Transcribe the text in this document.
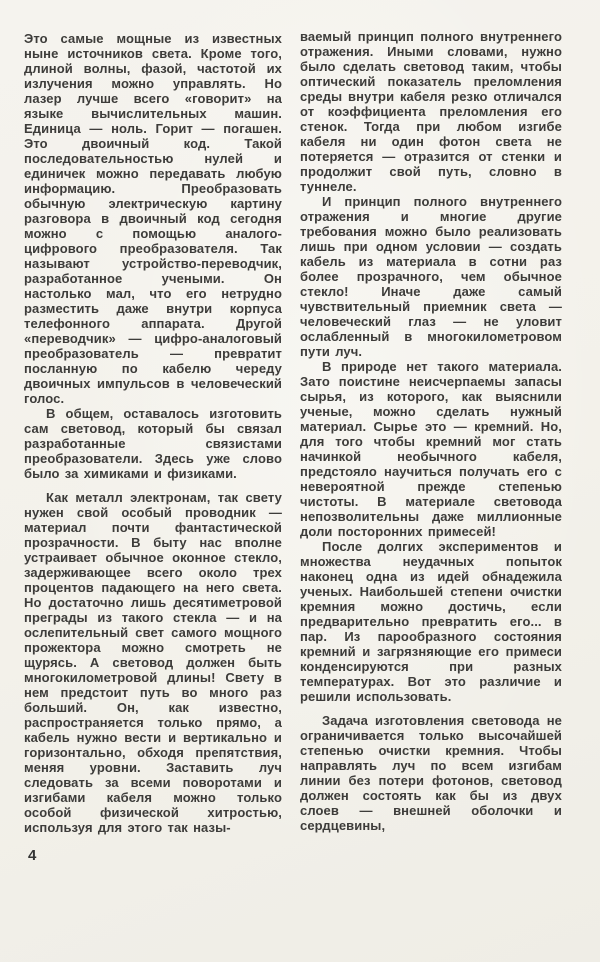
Это самые мощные из известных ныне источников света. Кроме того, длиной волны, фазой, частотой их излучения можно управлять. Но лазер лучше всего «говорит» на языке вычислительных машин. Единица — ноль. Горит — погашен. Это двоичный код. Такой последовательностью нулей и единичек можно передавать любую информацию. Преобразовать обычную электрическую картину разговора в двоичный код сегодня можно с помощью аналого-цифрового преобразователя. Так называют устройство-переводчик, разработанное учеными. Он настолько мал, что его нетрудно разместить даже внутри корпуса телефонного аппарата. Другой «переводчик» — цифро-аналоговый преобразователь — превратит посланную по кабелю череду двоичных импульсов в человеческий голос.

В общем, оставалось изготовить сам световод, который бы связал разработанные связистами преобразователи. Здесь уже слово было за химиками и физиками.

Как металл электронам, так свету нужен свой особый проводник — материал почти фантастической прозрачности. В быту нас вполне устраивает обычное оконное стекло, задерживающее всего около трех процентов падающего на него света. Но достаточно лишь десятиметровой преграды из такого стекла — и на ослепительный свет самого мощного прожектора можно смотреть не щурясь. А световод должен быть многокилометровой длины! Свету в нем предстоит путь во много раз больший. Он, как известно, распространяется только прямо, а кабель нужно вести и вертикально и горизонтально, обходя препятствия, меняя уровни. Заставить луч следовать за всеми поворотами и изгибами кабеля можно только особой физической хитростью, используя для этого так назы-

4

ваемый принцип полного внутреннего отражения. Иными словами, нужно было сделать световод таким, чтобы оптический показатель преломления среды внутри кабеля резко отличался от коэффициента преломления его стенок. Тогда при любом изгибе кабеля ни один фотон света не потеряется — отразится от стенки и продолжит свой путь, словно в туннеле.

И принцип полного внутреннего отражения и многие другие требования можно было реализовать лишь при одном условии — создать кабель из материала в сотни раз более прозрачного, чем обычное стекло! Иначе даже самый чувствительный приемник света — человеческий глаз — не уловит ослабленный в многокилометровом пути луч.

В природе нет такого материала. Зато поистине неисчерпаемы запасы сырья, из которого, как выяснили ученые, можно сделать нужный материал. Сырье это — кремний. Но, для того чтобы кремний мог стать начинкой необычного кабеля, предстояло научиться получать его с невероятной прежде степенью чистоты. В материале световода непозволительны даже миллионные доли посторонних примесей!

После долгих экспериментов и множества неудачных попыток наконец одна из идей обнадежила ученых. Наибольшей степени очистки кремния можно достичь, если предварительно превратить его... в пар. Из парообразного состояния кремний и загрязняющие его примеси конденсируются при разных температурах. Вот это различие и решили использовать.

Задача изготовления световода не ограничивается только высочайшей степенью очистки кремния. Чтобы направлять луч по всем изгибам линии без потери фотонов, световод должен состоять как бы из двух слоев — внешней оболочки и сердцевины,
